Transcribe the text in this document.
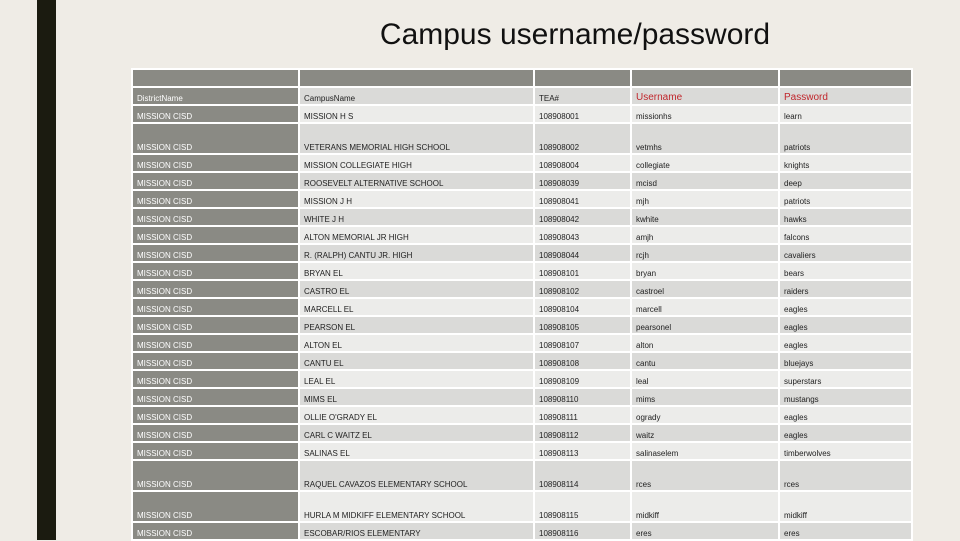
Campus username/password

DistrictName	CampusName	TEA#	Username	Password
MISSION CISD	MISSION H S	108908001	missionhs	learn
MISSION CISD	VETERANS MEMORIAL HIGH SCHOOL	108908002	vetmhs	patriots
MISSION CISD	MISSION COLLEGIATE HIGH	108908004	collegiate	knights
MISSION CISD	ROOSEVELT ALTERNATIVE SCHOOL	108908039	mcisd	deep
MISSION CISD	MISSION J H	108908041	mjh	patriots
MISSION CISD	WHITE J H	108908042	kwhite	hawks
MISSION CISD	ALTON MEMORIAL JR HIGH	108908043	amjh	falcons
MISSION CISD	R. (RALPH) CANTU JR. HIGH	108908044	rcjh	cavaliers
MISSION CISD	BRYAN EL	108908101	bryan	bears
MISSION CISD	CASTRO EL	108908102	castroel	raiders
MISSION CISD	MARCELL EL	108908104	marcell	eagles
MISSION CISD	PEARSON EL	108908105	pearsonel	eagles
MISSION CISD	ALTON EL	108908107	alton	eagles
MISSION CISD	CANTU EL	108908108	cantu	bluejays
MISSION CISD	LEAL EL	108908109	leal	superstars
MISSION CISD	MIMS EL	108908110	mims	mustangs
MISSION CISD	OLLIE O'GRADY EL	108908111	ogrady	eagles
MISSION CISD	CARL C WAITZ EL	108908112	waitz	eagles
MISSION CISD	SALINAS EL	108908113	salinaselem	timberwolves
MISSION CISD	RAQUEL CAVAZOS ELEMENTARY SCHOOL	108908114	rces	rces
MISSION CISD	HURLA M MIDKIFF ELEMENTARY SCHOOL	108908115	midkiff	midkiff
MISSION CISD	ESCOBAR/RIOS ELEMENTARY	108908116	eres	eres
